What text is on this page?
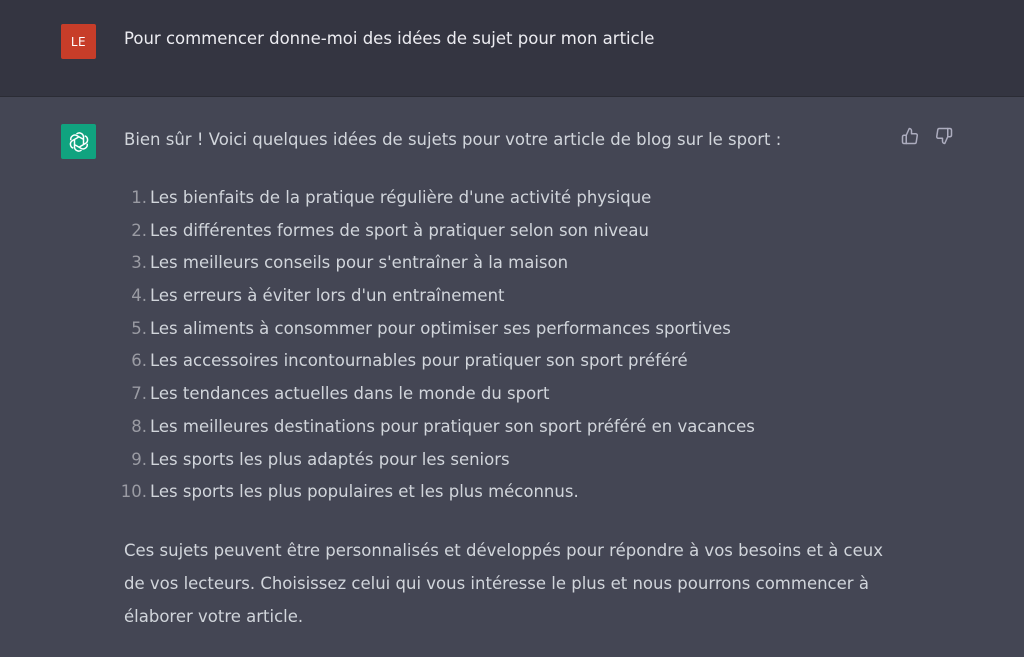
LE	Pour commencer donne-moi des idées de sujet pour mon article
Bien sûr ! Voici quelques idées de sujets pour votre article de blog sur le sport :
1. Les bienfaits de la pratique régulière d'une activité physique
2. Les différentes formes de sport à pratiquer selon son niveau
3. Les meilleurs conseils pour s'entraîner à la maison
4. Les erreurs à éviter lors d'un entraînement
5. Les aliments à consommer pour optimiser ses performances sportives
6. Les accessoires incontournables pour pratiquer son sport préféré
7. Les tendances actuelles dans le monde du sport
8. Les meilleures destinations pour pratiquer son sport préféré en vacances
9. Les sports les plus adaptés pour les seniors
10. Les sports les plus populaires et les plus méconnus.

Ces sujets peuvent être personnalisés et développés pour répondre à vos besoins et à ceux de vos lecteurs. Choisissez celui qui vous intéresse le plus et nous pourrons commencer à élaborer votre article.
